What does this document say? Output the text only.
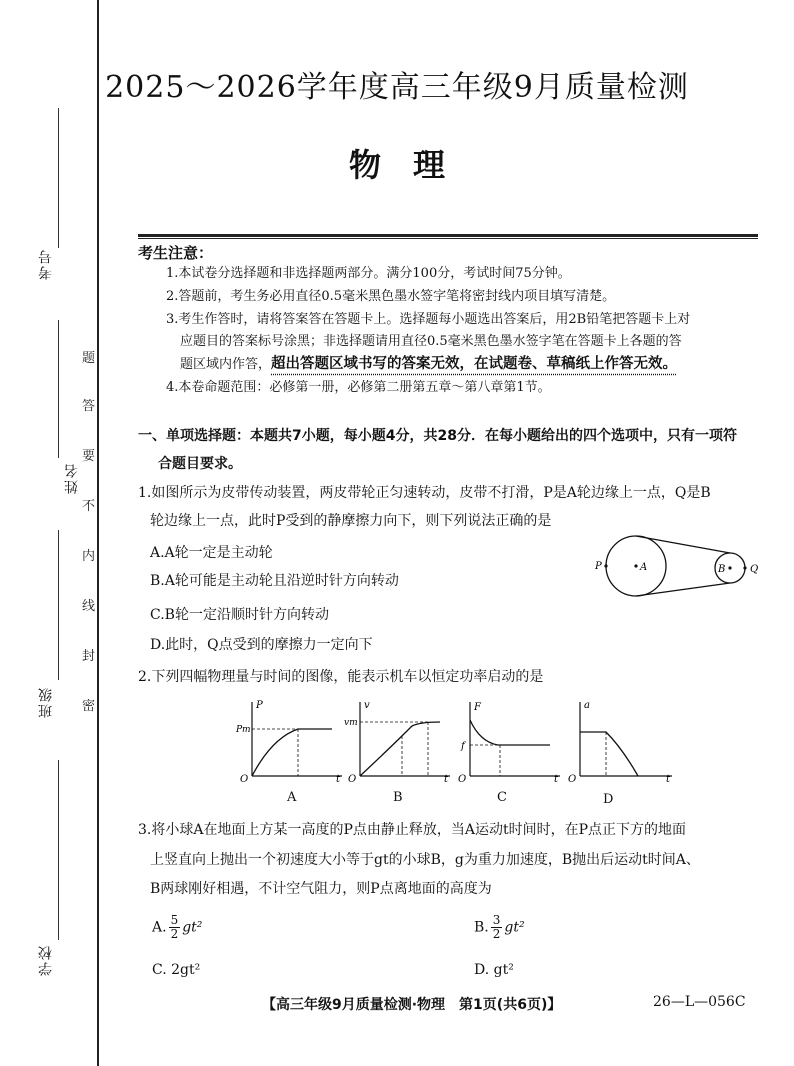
考号
姓名
班级
学校
密
封
线
内
不
要
答
题
2025～2026学年度高三年级9月质量检测
物　理
考生注意：
1.本试卷分选择题和非选择题两部分。满分100分，考试时间75分钟。
2.答题前，考生务必用直径0.5毫米黑色墨水签字笔将密封线内项目填写清楚。
3.考生作答时，请将答案答在答题卡上。选择题每小题选出答案后，用2B铅笔把答题卡上对
应题目的答案标号涂黑；非选择题请用直径0.5毫米黑色墨水签字笔在答题卡上各题的答
题区域内作答，超出答题区域书写的答案无效，在试题卷、草稿纸上作答无效。
4.本卷命题范围：必修第一册，必修第二册第五章～第八章第1节。
一、单项选择题：本题共7小题，每小题4分，共28分．在每小题给出的四个选项中，只有一项符
合题目要求。
1.如图所示为皮带传动装置，两皮带轮正匀速转动，皮带不打滑，P是A轮边缘上一点，Q是B
轮边缘上一点，此时P受到的静摩擦力向下，则下列说法正确的是
A.A轮一定是主动轮
B.A轮可能是主动轮且沿逆时针方向转动
C.B轮一定沿顺时针方向转动
D.此时，Q点受到的摩擦力一定向下
P	A	B Q
2.下列四幅物理量与时间的图像，能表示机车以恒定功率启动的是
P
Pm
O	t
A
v
vm
O	t
B
F
f
O	t
C
a
O	t
D
3.将小球A在地面上方某一高度的P点由静止释放，当A运动t时间时，在P点正下方的地面
上竖直向上抛出一个初速度大小等于gt的小球B，g为重力加速度，B抛出后运动t时间A、
B两球刚好相遇，不计空气阻力，则P点离地面的高度为
A. $\frac{5}{2} gt^2$	B. $\frac{3}{2} gt^2$
C. 2gt²	D. gt²
【高三年级9月质量检测·物理　第1页(共6页)】	26—L—056C
